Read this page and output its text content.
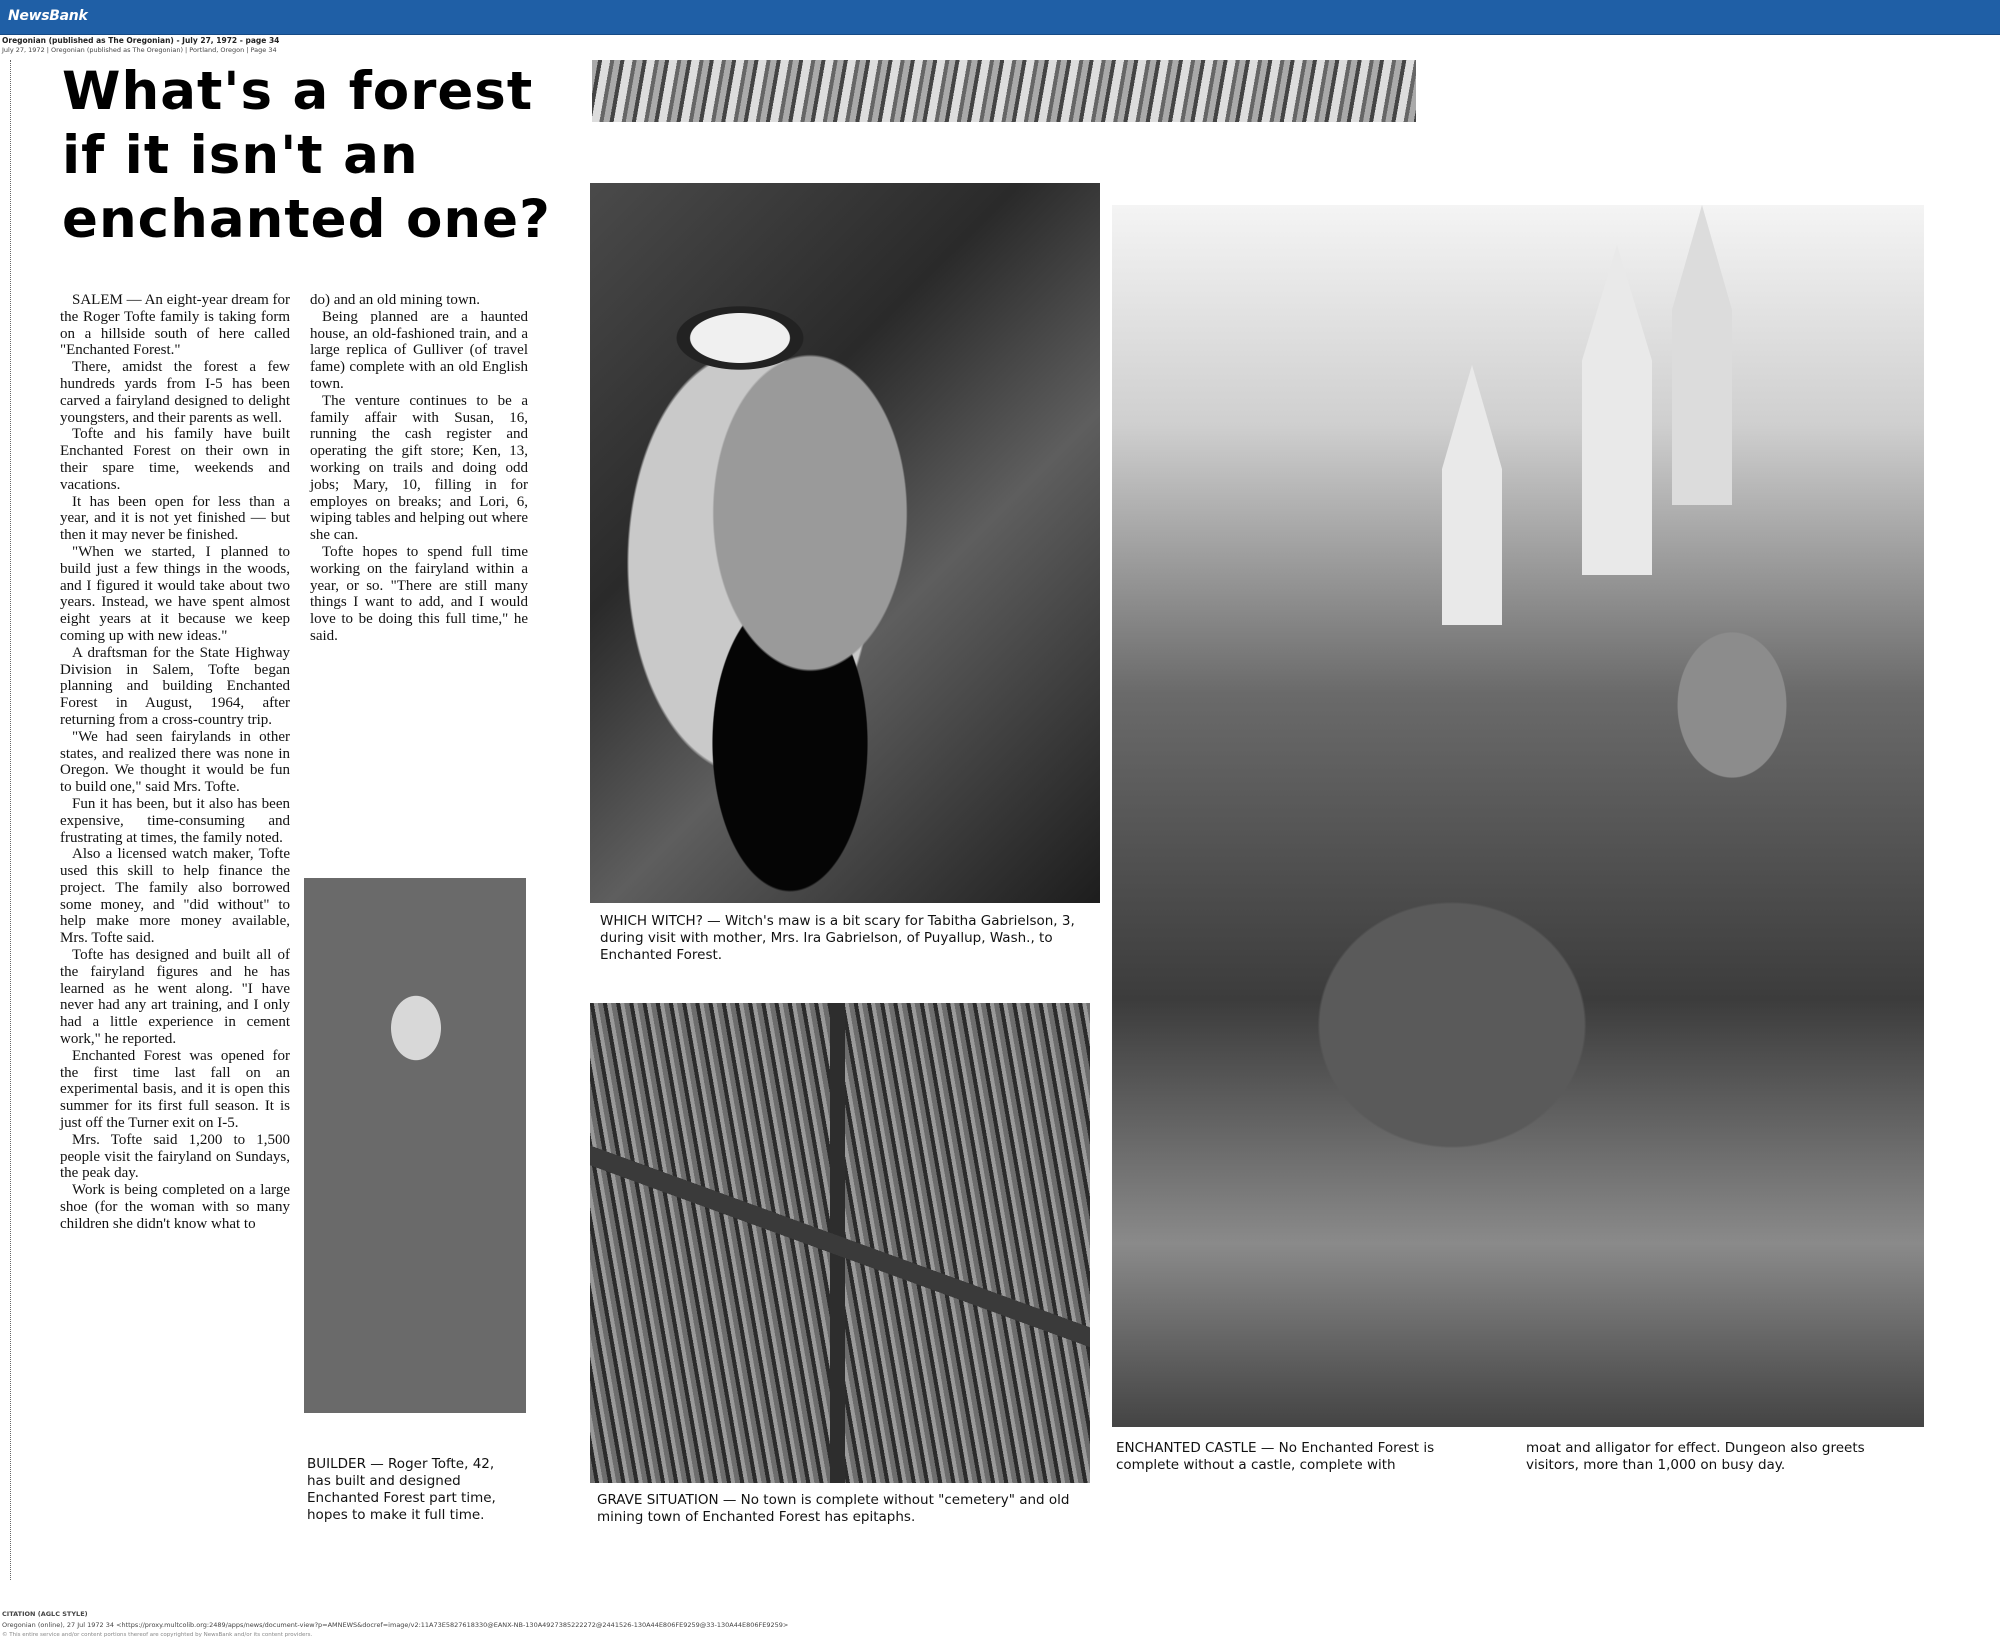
NewsBank
Oregonian (published as The Oregonian) - July 27, 1972 - page 34
July 27, 1972 | Oregonian (published as The Oregonian) | Portland, Oregon | Page 34
What's a forest
if it isn't an
enchanted one?

SALEM — An eight-year dream for the Roger Tofte family is taking form on a hillside south of here called "Enchanted Forest."

There, amidst the forest a few hundreds yards from I-5 has been carved a fairyland designed to delight youngsters, and their parents as well.

Tofte and his family have built Enchanted Forest on their own in their spare time, weekends and vacations.

It has been open for less than a year, and it is not yet finished — but then it may never be finished.

"When we started, I planned to build just a few things in the woods, and I figured it would take about two years. Instead, we have spent almost eight years at it because we keep coming up with new ideas."

A draftsman for the State Highway Division in Salem, Tofte began planning and building Enchanted Forest in August, 1964, after returning from a cross-country trip.

"We had seen fairylands in other states, and realized there was none in Oregon. We thought it would be fun to build one," said Mrs. Tofte.

Fun it has been, but it also has been expensive, time-consuming and frustrating at times, the family noted.

Also a licensed watch maker, Tofte used this skill to help finance the project. The family also borrowed some money, and "did without" to help make more money available, Mrs. Tofte said.

Tofte has designed and built all of the fairyland figures and he has learned as he went along. "I have never had any art training, and I only had a little experience in cement work," he reported.

Enchanted Forest was opened for the first time last fall on an experimental basis, and it is open this summer for its first full season. It is just off the Turner exit on I-5.

Mrs. Tofte said 1,200 to 1,500 people visit the fairyland on Sundays, the peak day.

Work is being completed on a large shoe (for the woman with so many children she didn't know what to

do) and an old mining town.

Being planned are a haunted house, an old-fashioned train, and a large replica of Gulliver (of travel fame) complete with an old English town.

The venture continues to be a family affair with Susan, 16, running the cash register and operating the gift store; Ken, 13, working on trails and doing odd jobs; Mary, 10, filling in for employes on breaks; and Lori, 6, wiping tables and helping out where she can.

Tofte hopes to spend full time working on the fairyland within a year, or so. "There are still many things I want to add, and I would love to be doing this full time," he said.

WHICH WITCH? — Witch's maw is a bit scary for Tabitha Gabrielson, 3, during visit with mother, Mrs. Ira Gabrielson, of Puyallup, Wash., to Enchanted Forest.
BUILDER — Roger Tofte, 42, has built and designed Enchanted Forest part time, hopes to make it full time.
GRAVE SITUATION — No town is complete without "cemetery" and old mining town of Enchanted Forest has epitaphs.
ENCHANTED CASTLE — No Enchanted Forest is complete without a castle, complete with
moat and alligator for effect. Dungeon also greets visitors, more than 1,000 on busy day.
CITATION (AGLC STYLE)
Oregonian (online), 27 Jul 1972 34 <https://proxy.multcolib.org:2489/apps/news/document-view?p=AMNEWS&docref=image/v2:11A73E5827618330@EANX-NB-130A4927385222272@2441526-130A44E806FE9259@33-130A44E806FE9259>
© This entire service and/or content portions thereof are copyrighted by NewsBank and/or its content providers.
